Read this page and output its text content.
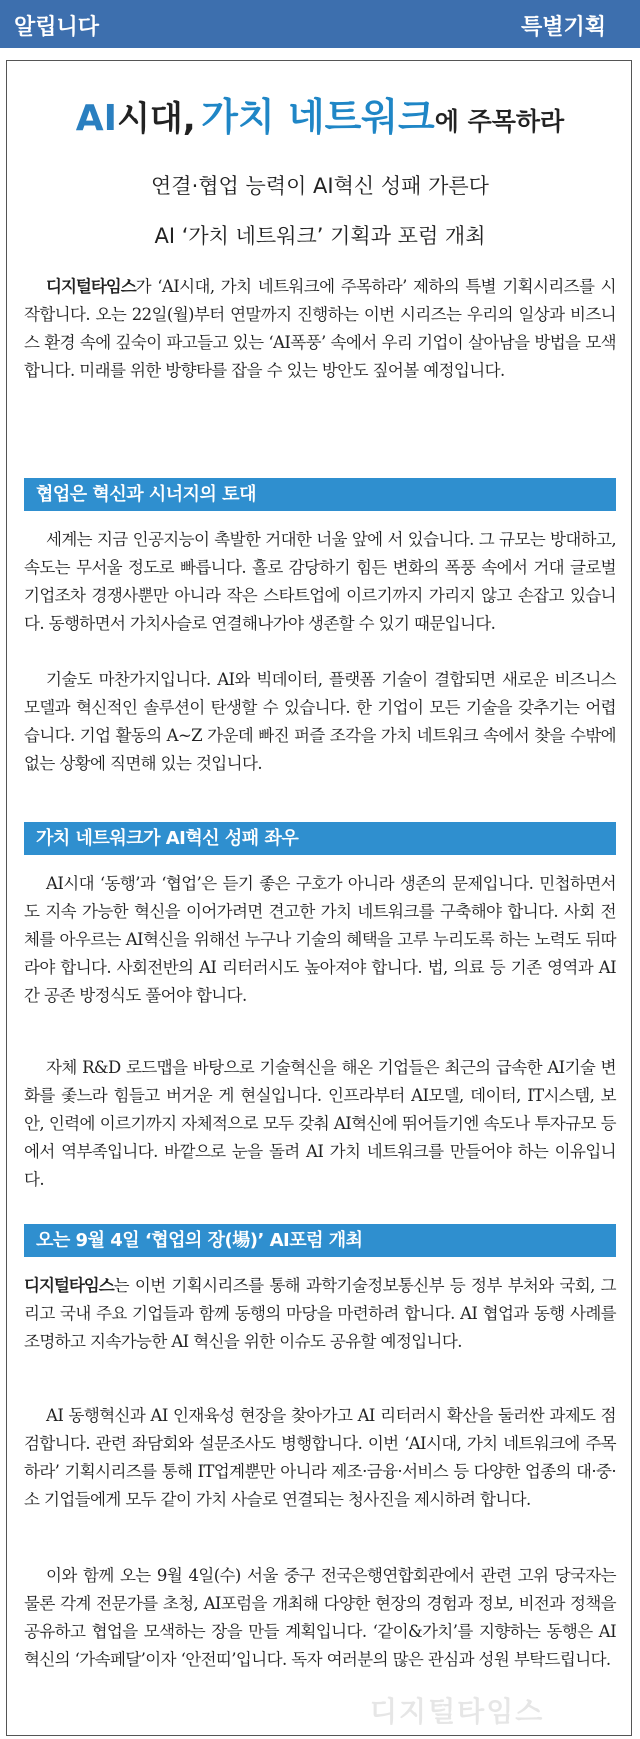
알립니다	특별기획
AI시대, 가치 네트워크에 주목하라
연결·협업 능력이 AI혁신 성패 가른다
AI ‘가치 네트워크’ 기획과 포럼 개최
디지털타임스가 ‘AI시대, 가치 네트워크에 주목하라’ 제하의 특별 기획시리즈를 시작합니다. 오는 22일(월)부터 연말까지 진행하는 이번 시리즈는 우리의 일상과 비즈니스 환경 속에 깊숙이 파고들고 있는 ‘AI폭풍’ 속에서 우리 기업이 살아남을 방법을 모색합니다. 미래를 위한 방향타를 잡을 수 있는 방안도 짚어볼 예정입니다.
협업은 혁신과 시너지의 토대
세계는 지금 인공지능이 촉발한 거대한 너울 앞에 서 있습니다. 그 규모는 방대하고, 속도는 무서울 정도로 빠릅니다. 홀로 감당하기 힘든 변화의 폭풍 속에서 거대 글로벌 기업조차 경쟁사뿐만 아니라 작은 스타트업에 이르기까지 가리지 않고 손잡고 있습니다. 동행하면서 가치사슬로 연결해나가야 생존할 수 있기 때문입니다.
기술도 마찬가지입니다. AI와 빅데이터, 플랫폼 기술이 결합되면 새로운 비즈니스 모델과 혁신적인 솔루션이 탄생할 수 있습니다. 한 기업이 모든 기술을 갖추기는 어렵습니다. 기업 활동의 A~Z 가운데 빠진 퍼즐 조각을 가치 네트워크 속에서 찾을 수밖에 없는 상황에 직면해 있는 것입니다.
가치 네트워크가 AI혁신 성패 좌우
AI시대 ‘동행’과 ‘협업’은 듣기 좋은 구호가 아니라 생존의 문제입니다. 민첩하면서도 지속 가능한 혁신을 이어가려면 견고한 가치 네트워크를 구축해야 합니다. 사회 전체를 아우르는 AI혁신을 위해선 누구나 기술의 혜택을 고루 누리도록 하는 노력도 뒤따라야 합니다. 사회전반의 AI 리터러시도 높아져야 합니다. 법, 의료 등 기존 영역과 AI간 공존 방정식도 풀어야 합니다.
자체 R&D 로드맵을 바탕으로 기술혁신을 해온 기업들은 최근의 급속한 AI기술 변화를 좇느라 힘들고 버거운 게 현실입니다. 인프라부터 AI모델, 데이터, IT시스템, 보안, 인력에 이르기까지 자체적으로 모두 갖춰 AI혁신에 뛰어들기엔 속도나 투자규모 등에서 역부족입니다. 바깥으로 눈을 돌려 AI 가치 네트워크를 만들어야 하는 이유입니다.
오는 9월 4일 ‘협업의 장(場)’ AI포럼 개최
디지털타임스는 이번 기획시리즈를 통해 과학기술정보통신부 등 정부 부처와 국회, 그리고 국내 주요 기업들과 함께 동행의 마당을 마련하려 합니다. AI 협업과 동행 사례를 조명하고 지속가능한 AI 혁신을 위한 이슈도 공유할 예정입니다.
AI 동행혁신과 AI 인재육성 현장을 찾아가고 AI 리터러시 확산을 둘러싼 과제도 점검합니다. 관련 좌담회와 설문조사도 병행합니다. 이번 ‘AI시대, 가치 네트워크에 주목하라’ 기획시리즈를 통해 IT업계뿐만 아니라 제조·금융·서비스 등 다양한 업종의 대·중·소 기업들에게 모두 같이 가치 사슬로 연결되는 청사진을 제시하려 합니다.
이와 함께 오는 9월 4일(수) 서울 중구 전국은행연합회관에서 관련 고위 당국자는 물론 각계 전문가를 초청, AI포럼을 개최해 다양한 현장의 경험과 정보, 비전과 정책을 공유하고 협업을 모색하는 장을 만들 계획입니다. ‘같이&가치’를 지향하는 동행은 AI혁신의 ‘가속페달’이자 ‘안전띠’입니다. 독자 여러분의 많은 관심과 성원 부탁드립니다.
디지털타임스
